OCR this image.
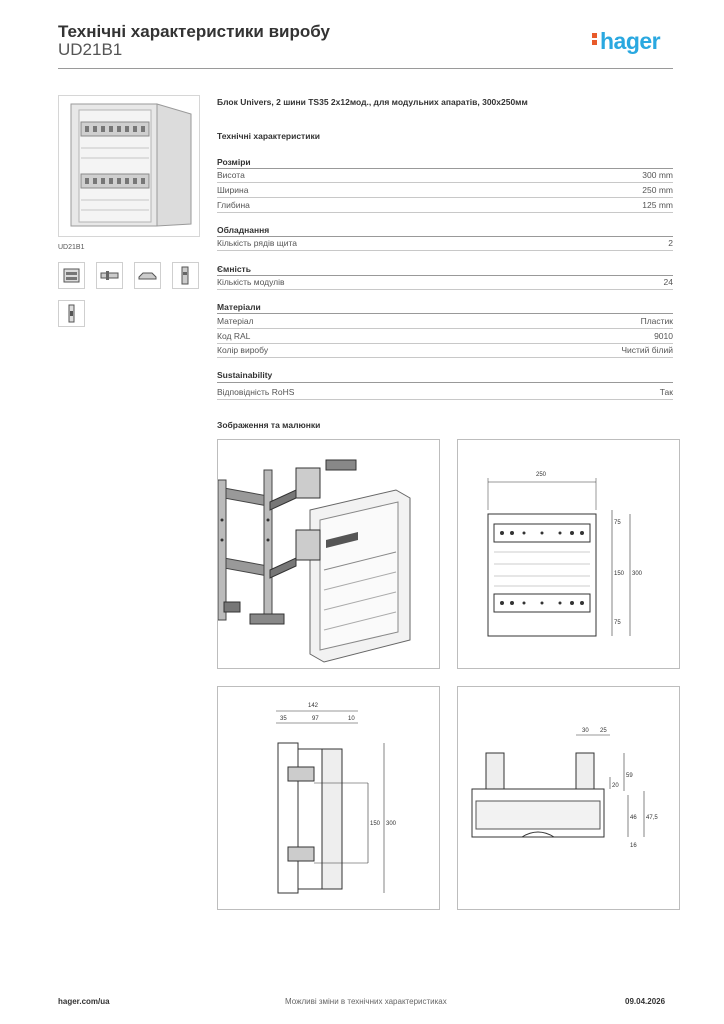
Технічні характеристики виробу
UD21B1	hager
UD21B1
Блок Univers, 2 шини TS35 2x12мод., для модульних апаратів, 300x250мм
Технічні характеристики
Розміри
Висота	300 mm
Ширина	250 mm
Глибина	125 mm
Обладнання
Кількість рядів щита	2
Ємність
Кількість модулів	24
Матеріали
Матеріал	Пластик
Код RAL	9010
Колір виробу	Чистий білий
Sustainability
Відповідність RoHS	Так
Зображення та малюнки
250
75
150
75
300
142
35	97	10
150 300
30 25
59
20
46 47,5
16
hager.com/ua	Можливі зміни в технічних характеристиках	09.04.2026
